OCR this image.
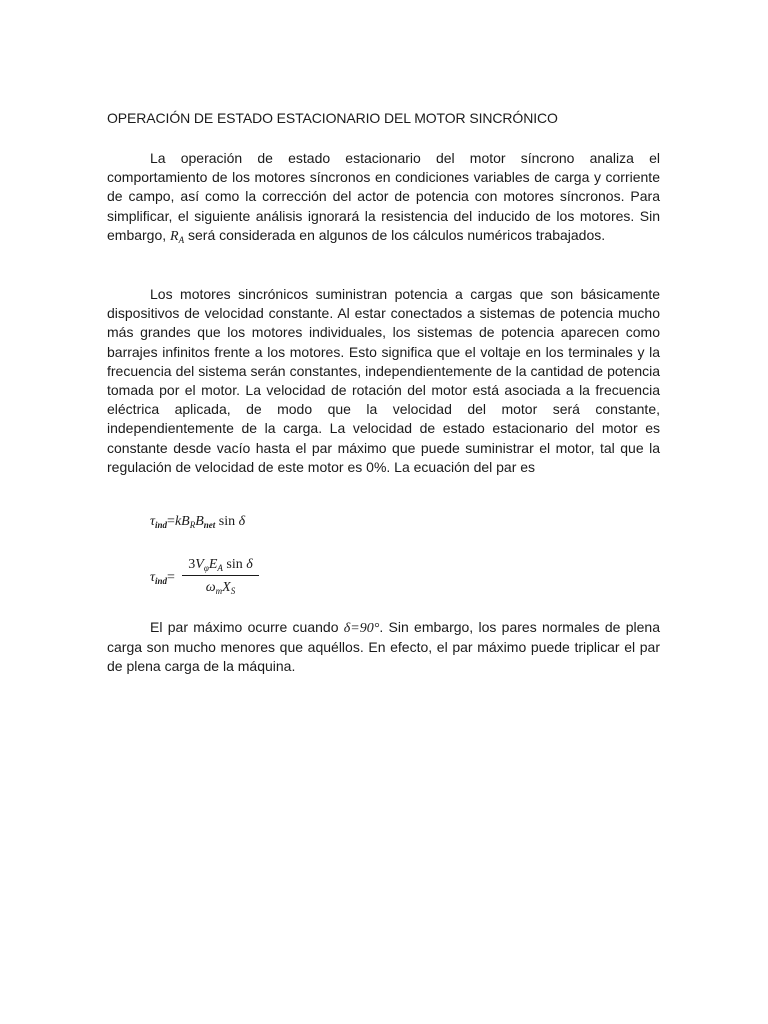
OPERACIÓN DE ESTADO ESTACIONARIO DEL MOTOR SINCRÓNICO
La operación de estado estacionario del motor síncrono analiza el comportamiento de los motores síncronos en condiciones variables de carga y corriente de campo, así como la corrección del actor de potencia con motores síncronos. Para simplificar, el siguiente análisis ignorará la resistencia del inducido de los motores. Sin embargo, $R_A$ será considerada en algunos de los cálculos numéricos trabajados.
Los motores sincrónicos suministran potencia a cargas que son básicamente dispositivos de velocidad constante. Al estar conectados a sistemas de potencia mucho más grandes que los motores individuales, los sistemas de potencia aparecen como barrajes infinitos frente a los motores. Esto significa que el voltaje en los terminales y la frecuencia del sistema serán constantes, independientemente de la cantidad de potencia tomada por el motor. La velocidad de rotación del motor está asociada a la frecuencia eléctrica aplicada, de modo que la velocidad del motor será constante, independientemente de la carga. La velocidad de estado estacionario del motor es constante desde vacío hasta el par máximo que puede suministrar el motor, tal que la regulación de velocidad de este motor es 0%. La ecuación del par es
$\tau_{ind}=kB_RB_{net}$ sin δ
$\tau_{ind}=$
$3V_\varphi E_A$ sin δ
$\omega_mX_S$
El par máximo ocurre cuando δ=90°. Sin embargo, los pares normales de plena carga son mucho menores que aquéllos. En efecto, el par máximo puede triplicar el par de plena carga de la máquina.
